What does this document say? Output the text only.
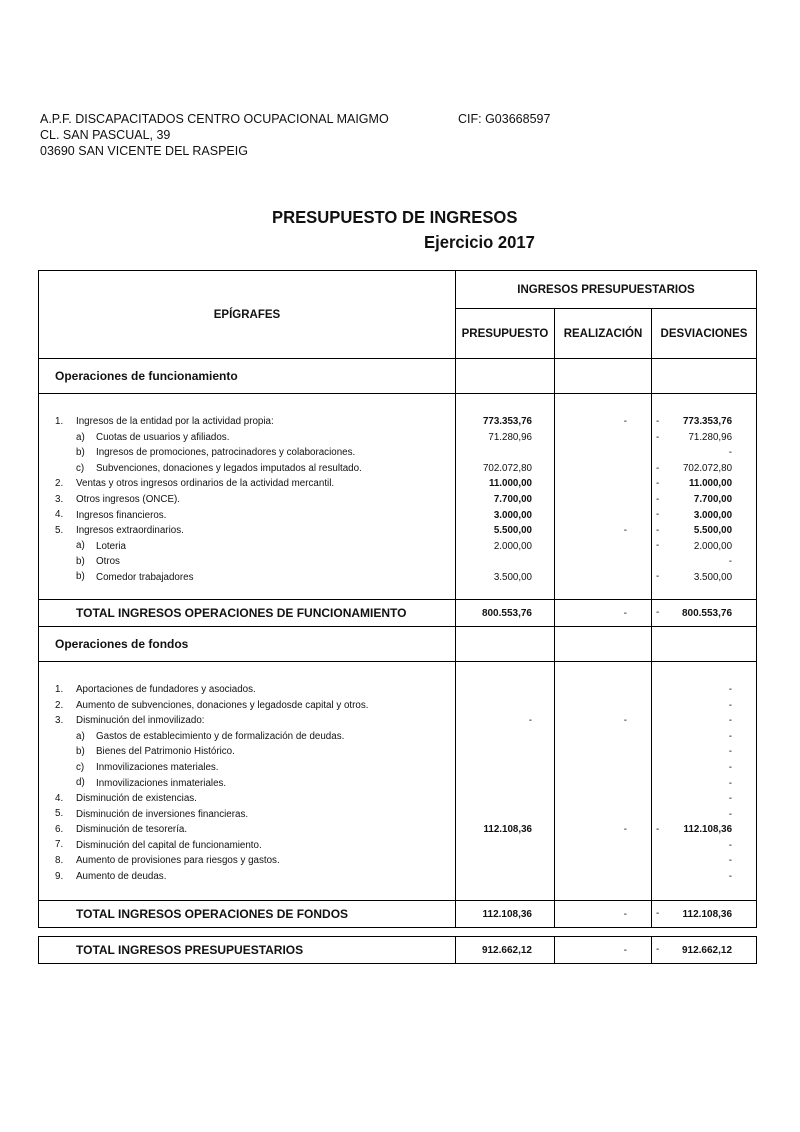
A.P.F. DISCAPACITADOS CENTRO OCUPACIONAL MAIGMO	CIF: G03668597
CL. SAN PASCUAL, 39
03690 SAN VICENTE DEL RASPEIG
PRESUPUESTO DE INGRESOS
Ejercicio 2017
EPÍGRAFES	INGRESOS PRESUPUESTARIOS		
	PRESUPUESTO	REALIZACIÓN	DESVIACIONES
Operaciones de funcionamiento			

1. Ingresos de la entidad por la actividad propia:	773.353,76	-	- 773.353,76

a) Cuotas de usuarios y afiliados.	71.280,96		- 71.280,96

b) Ingresos de promociones, patrocinadores y colaboraciones.			-

c) Subvenciones, donaciones y legados imputados al resultado.	702.072,80		- 702.072,80

2. Ventas y otros ingresos ordinarios de la actividad mercantil.	11.000,00		- 11.000,00

3. Otros ingresos (ONCE).	7.700,00		- 7.700,00

4. Ingresos financieros.	3.000,00		- 3.000,00

5. Ingresos extraordinarios.	5.500,00	-	- 5.500,00

a) Loteria	2.000,00		- 2.000,00

b) Otros			-

b) Comedor trabajadores	3.500,00		- 3.500,00

TOTAL INGRESOS OPERACIONES DE FUNCIONAMIENTO	800.553,76	-	- 800.553,76
Operaciones de fondos			

1. Aportaciones de fundadores y asociados.			-

2. Aumento de subvenciones, donaciones y legadosde capital y otros.			-

3. Disminución del inmovilizado:	-	-	-

a) Gastos de establecimiento y de formalización de deudas.			-

b) Bienes del Patrimonio Histórico.			-

c) Inmovilizaciones materiales.			-

d) Inmovilizaciones inmateriales.			-

4. Disminución de existencias.			-

5. Disminución de inversiones financieras.			-

6. Disminución de tesorería.	112.108,36	-	- 112.108,36

7. Disminución del capital de funcionamiento.			-

8. Aumento de provisiones para riesgos y gastos.			-

9. Aumento de deudas.			-

TOTAL INGRESOS OPERACIONES DE FONDOS	112.108,36	-	- 112.108,36

TOTAL INGRESOS PRESUPUESTARIOS	912.662,12	-	- 912.662,12
